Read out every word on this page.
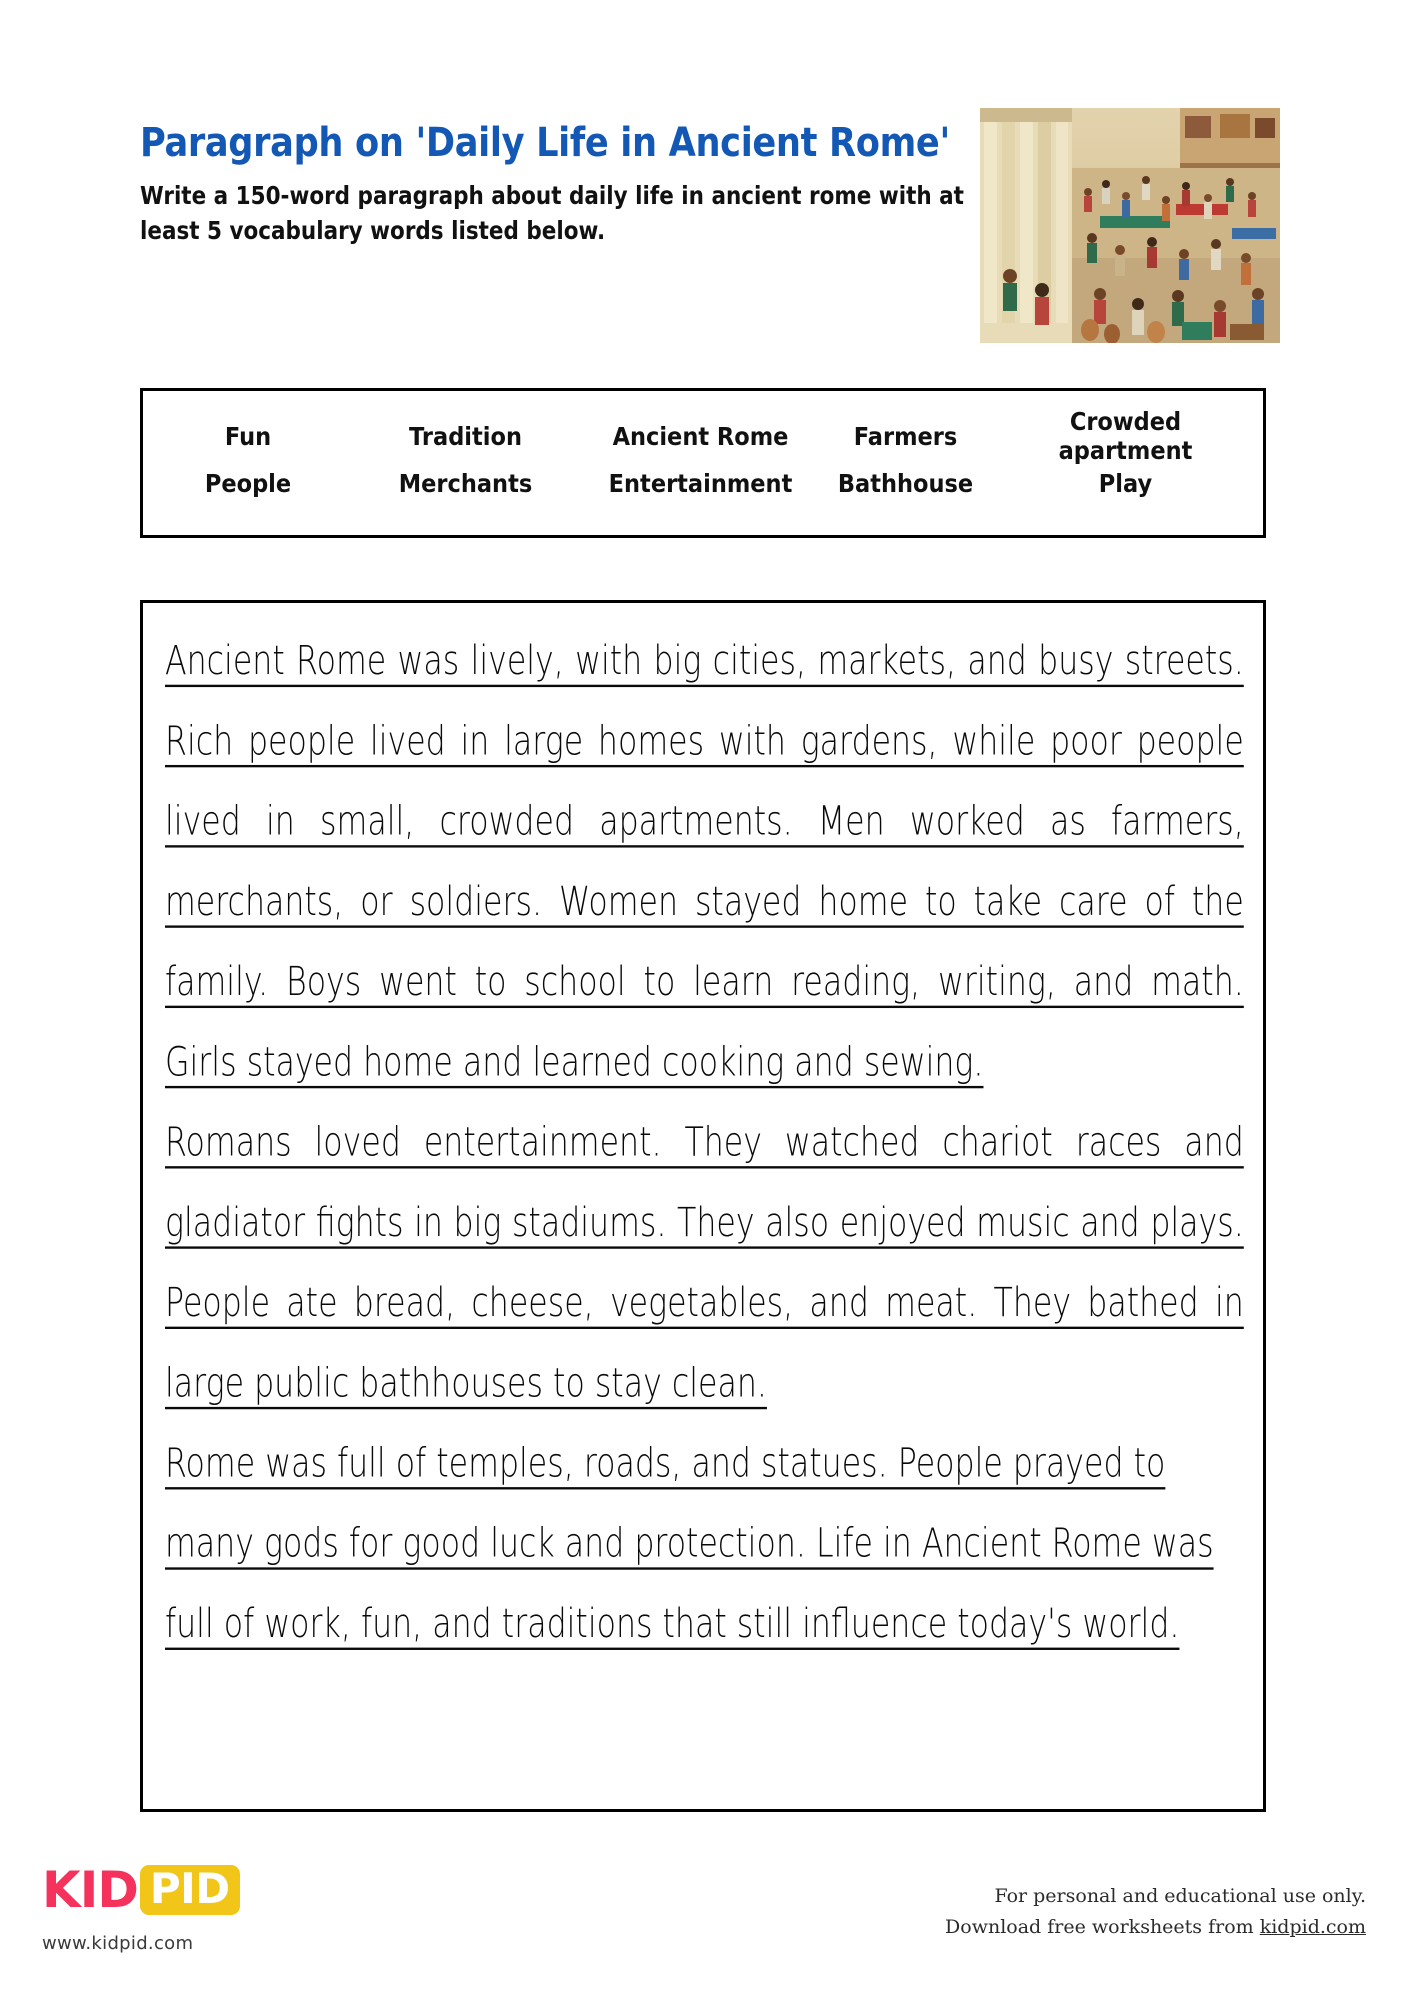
Paragraph on 'Daily Life in Ancient Rome'

Write a 150-word paragraph about daily life in ancient rome with at least 5 vocabulary words listed below.

Fun	Tradition	Ancient Rome	Farmers	Crowded apartment
People	Merchants	Entertainment	Bathhouse	Play

Ancient Rome was lively, with big cities, markets, and busy streets. Rich people lived in large homes with gardens, while poor people lived in small, crowded apartments. Men worked as farmers, merchants, or soldiers. Women stayed home to take care of the family. Boys went to school to learn reading, writing, and math. Girls stayed home and learned cooking and sewing.

Romans loved entertainment. They watched chariot races and gladiator fights in big stadiums. They also enjoyed music and plays. People ate bread, cheese, vegetables, and meat. They bathed in large public bathhouses to stay clean.

Rome was full of temples, roads, and statues. People prayed to many gods for good luck and protection. Life in Ancient Rome was full of work, fun, and traditions that still influence today's world.

KID PID
www.kidpid.com
For personal and educational use only.
Download free worksheets from kidpid.com
